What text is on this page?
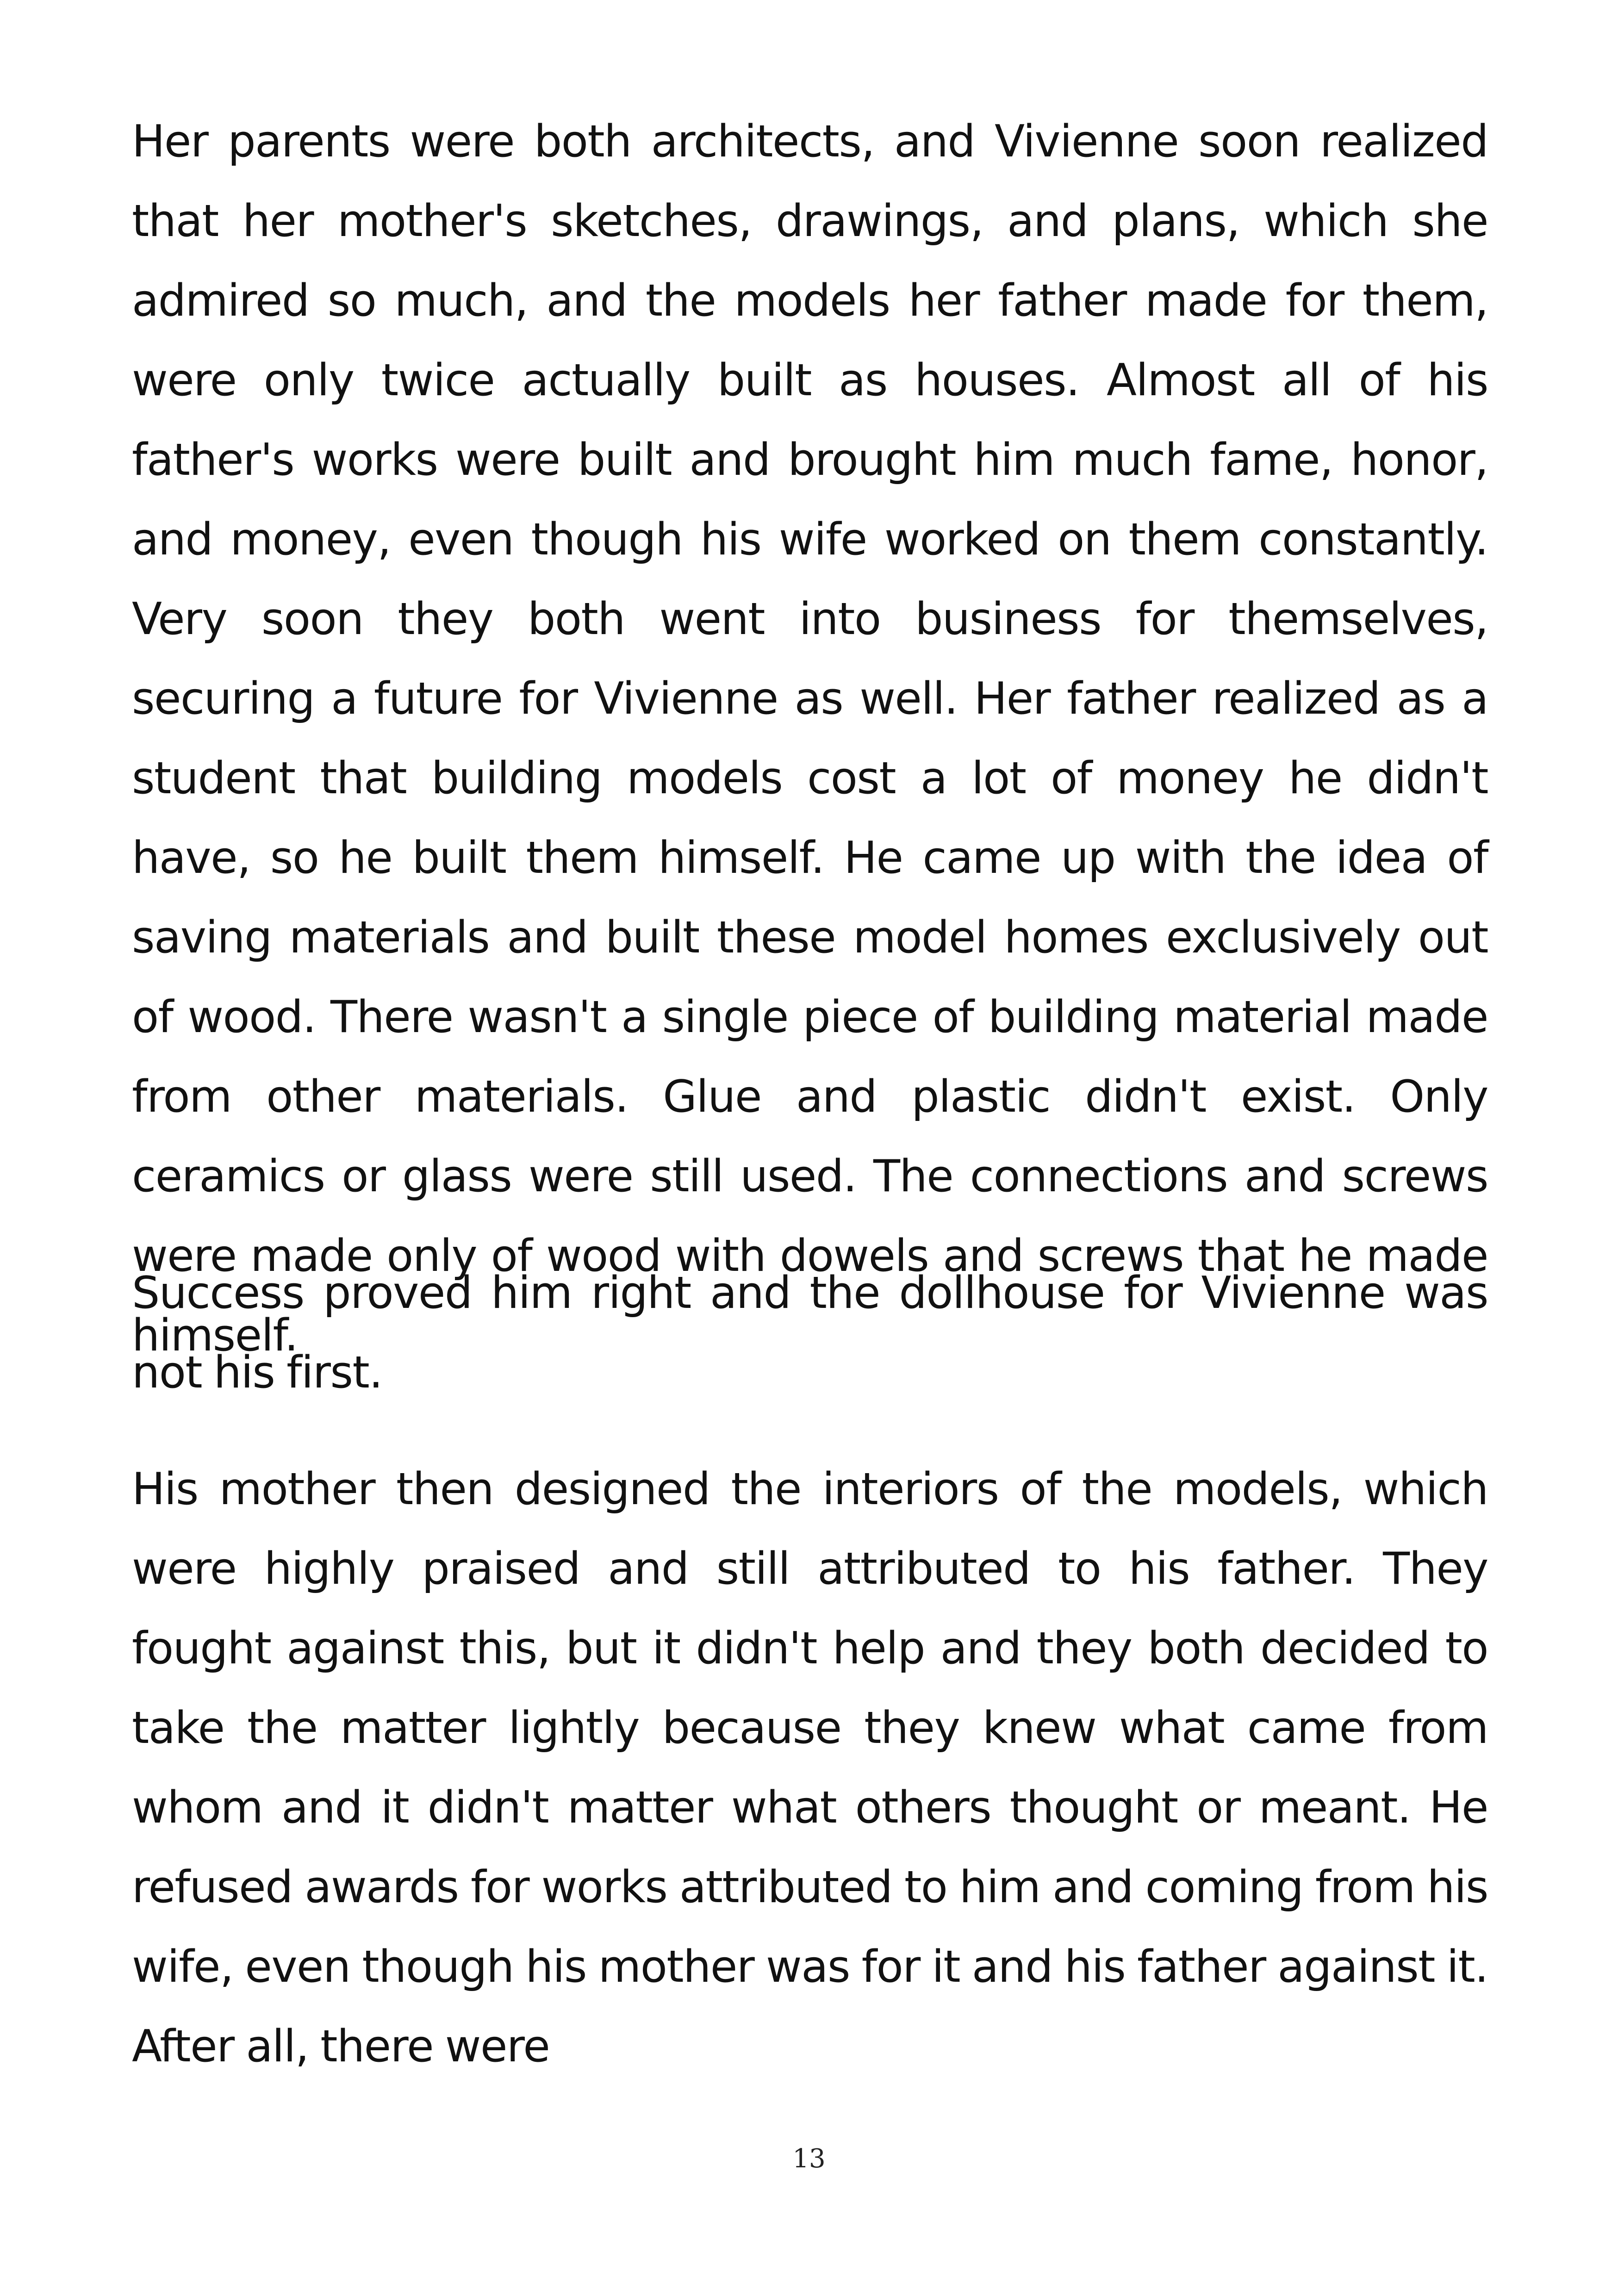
Her parents were both architects, and Vivienne soon realized that her mother's sketches, drawings, and plans, which she admired so much, and the models her father made for them, were only twice actually built as houses. Almost all of his father's works were built and brought him much fame, honor, and money, even though his wife worked on them constantly. Very soon they both went into business for themselves, securing a future for Vivienne as well. Her father realized as a student that building models cost a lot of money he didn't have, so he built them himself. He came up with the idea of saving materials and built these model homes exclusively out of wood. There wasn't a single piece of building material made from other materials. Glue and plastic didn't exist. Only ceramics or glass were still used. The connections and screws were made only of wood with dowels and screws that he made himself.

Success proved him right and the dollhouse for Vivienne was not his first.

His mother then designed the interiors of the models, which were highly praised and still attributed to his father. They fought against this, but it didn't help and they both decided to take the matter lightly because they knew what came from whom and it didn't matter what others thought or meant. He refused awards for works attributed to him and coming from his wife, even though his mother was for it and his father against it. After all, there were

13
